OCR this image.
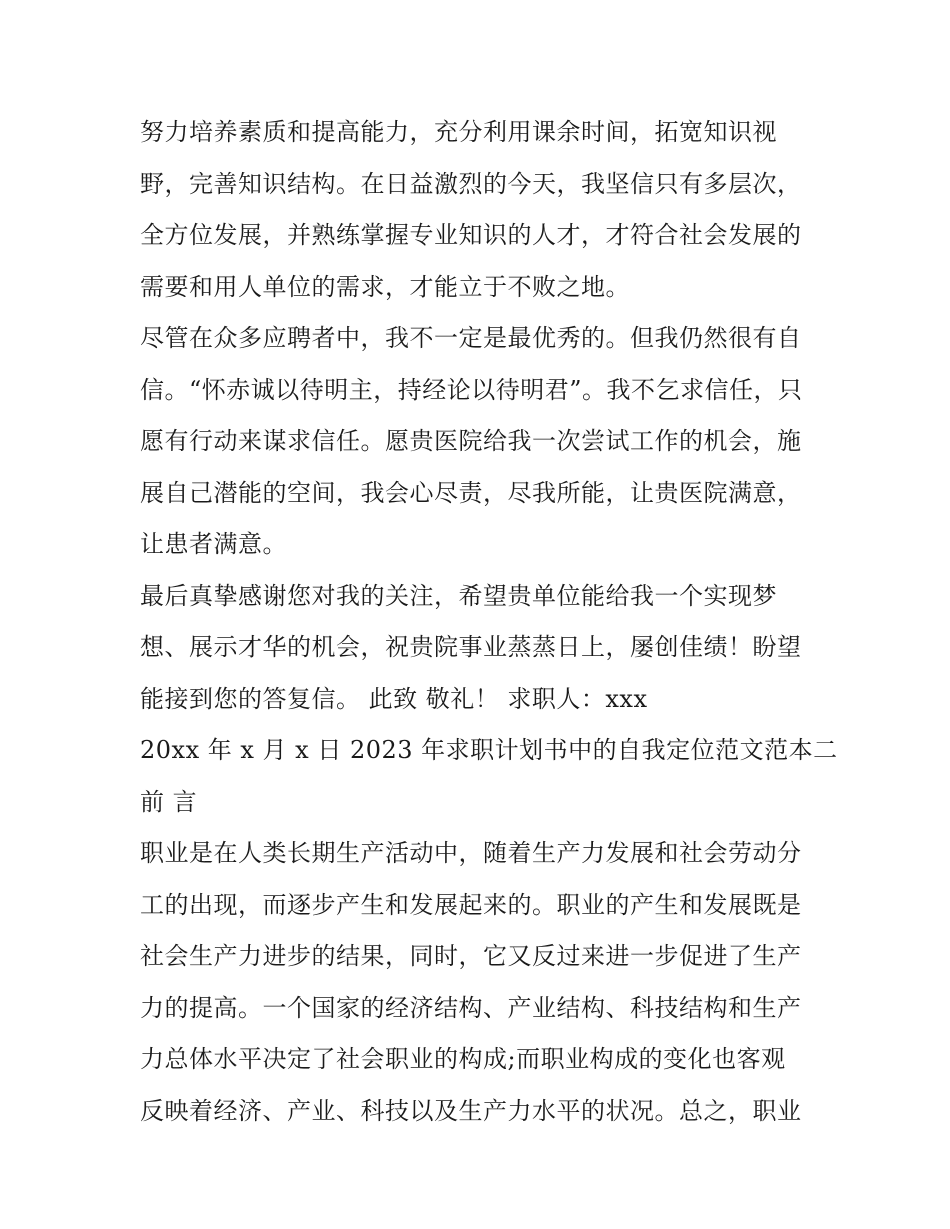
努力培养素质和提高能力，充分利用课余时间，拓宽知识视
野，完善知识结构。在日益激烈的今天，我坚信只有多层次，
全方位发展，并熟练掌握专业知识的人才，才符合社会发展的
需要和用人单位的需求，才能立于不败之地。
尽管在众多应聘者中，我不一定是最优秀的。但我仍然很有自
信。“怀赤诚以待明主，持经论以待明君”。我不乞求信任，只
愿有行动来谋求信任。愿贵医院给我一次尝试工作的机会，施
展自己潜能的空间，我会心尽责，尽我所能，让贵医院满意，
让患者满意。
最后真挚感谢您对我的关注，希望贵单位能给我一个实现梦
想、展示才华的机会，祝贵院事业蒸蒸日上，屡创佳绩！盼望
能接到您的答复信。 此致 敬礼！ 求职人：xxx
20xx 年 x 月 x 日 2023 年求职计划书中的自我定位范文范本二
前 言
职业是在人类长期生产活动中，随着生产力发展和社会劳动分
工的出现，而逐步产生和发展起来的。职业的产生和发展既是
社会生产力进步的结果，同时，它又反过来进一步促进了生产
力的提高。一个国家的经济结构、产业结构、科技结构和生产
力总体水平决定了社会职业的构成;而职业构成的变化也客观
反映着经济、产业、科技以及生产力水平的状况。总之，职业
